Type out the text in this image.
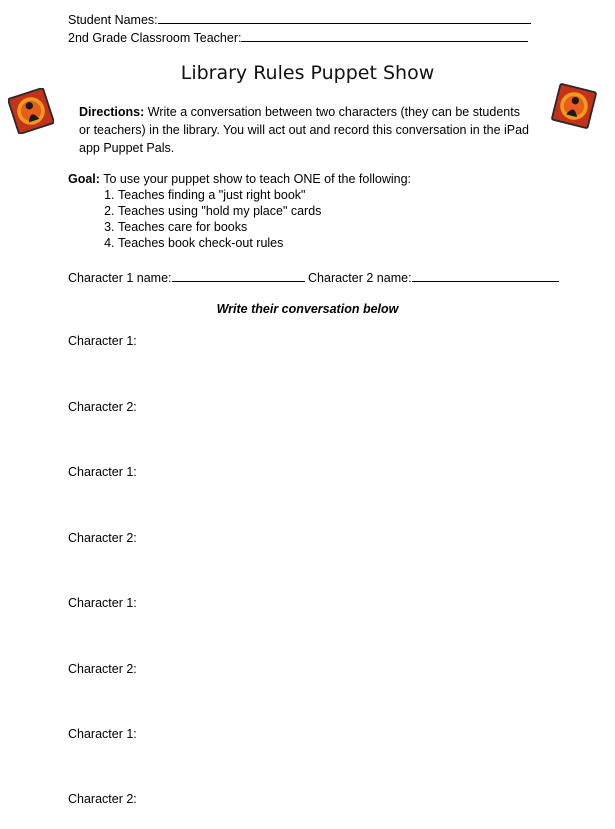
Student Names:
2nd Grade Classroom Teacher:
Library Rules Puppet Show
Directions: Write a conversation between two characters (they can be students or teachers) in the library. You will act out and record this conversation in the iPad app Puppet Pals.
Goal: To use your puppet show to teach ONE of the following:
1. Teaches finding a "just right book"
2. Teaches using "hold my place" cards
3. Teaches care for books
4. Teaches book check-out rules
Character 1 name:	Character 2 name:
Write their conversation below
Character 1:
Character 2:
Character 1:
Character 2:
Character 1:
Character 2:
Character 1:
Character 2:
